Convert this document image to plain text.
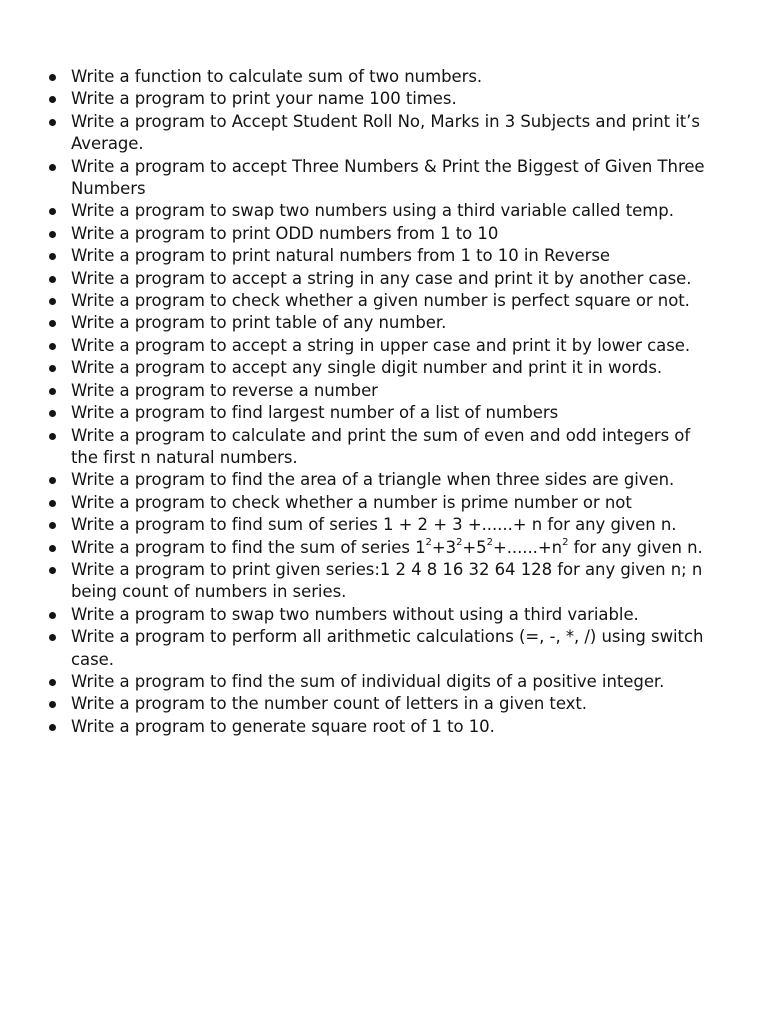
Write a function to calculate sum of two numbers.
Write a program to print your name 100 times.
Write a program to Accept Student Roll No, Marks in 3 Subjects and print it’s Average.
Write a program to accept Three Numbers & Print the Biggest of Given Three Numbers
Write a program to swap two numbers using a third variable called temp.
Write a program to print ODD numbers from 1 to 10
Write a program to print natural numbers from 1 to 10 in Reverse
Write a program to accept a string in any case and print it by another case.
Write a program to check whether a given number is perfect square or not.
Write a program to print table of any number.
Write a program to accept a string in upper case and print it by lower case.
Write a program to accept any single digit number and print it in words.
Write a program to reverse a number
Write a program to find largest number of a list of numbers
Write a program to calculate and print the sum of even and odd integers of the first n natural numbers.
Write a program to find the area of a triangle when three sides are given.
Write a program to check whether a number is prime number or not
Write a program to find sum of series 1 + 2 + 3 +......+ n for any given n.
Write a program to find the sum of series $1^2+3^2+5^2+......+n^2$ for any given n.
Write a program to print given series:1 2 4 8 16 32 64 128 for any given n; n being count of numbers in series.
Write a program to swap two numbers without using a third variable.
Write a program to perform all arithmetic calculations (=, -, *, /) using switch case.
Write a program to find the sum of individual digits of a positive integer.
Write a program to the number count of letters in a given text.
Write a program to generate square root of 1 to 10.
